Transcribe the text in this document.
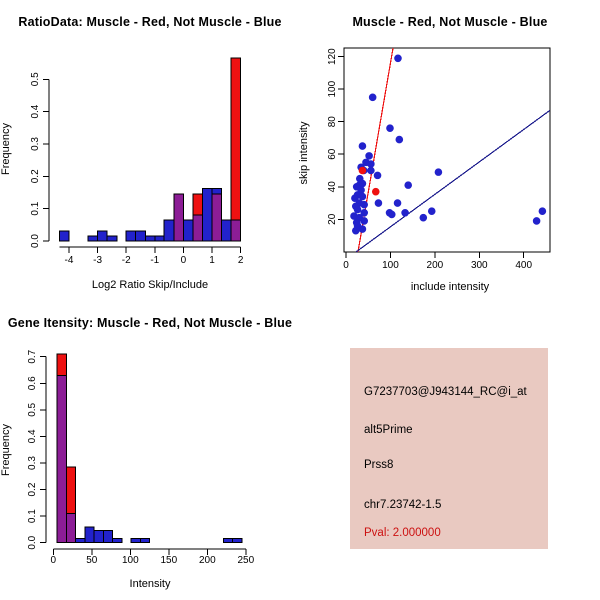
RatioData: Muscle - Red, Not Muscle - Blue
-4 -3 -2 -1 0 1 2
0.0
0.1
0.2
0.3
0.4
0.5
Frequency
Log2 Ratio Skip/Include
Muscle - Red, Not Muscle - Blue
0	100	200	300	400
20
40
60
80
100
120
skip intensity
include intensity
Gene Itensity: Muscle - Red, Not Muscle - Blue
0	50 100 150 200 250
0.0
0.1
0.2
0.3
0.4
0.5
0.6
0.7
Frequency
Intensity
G7237703@J943144_RC@i_at
alt5Prime
Prss8
chr7.23742-1.5
Pval: 2.000000
